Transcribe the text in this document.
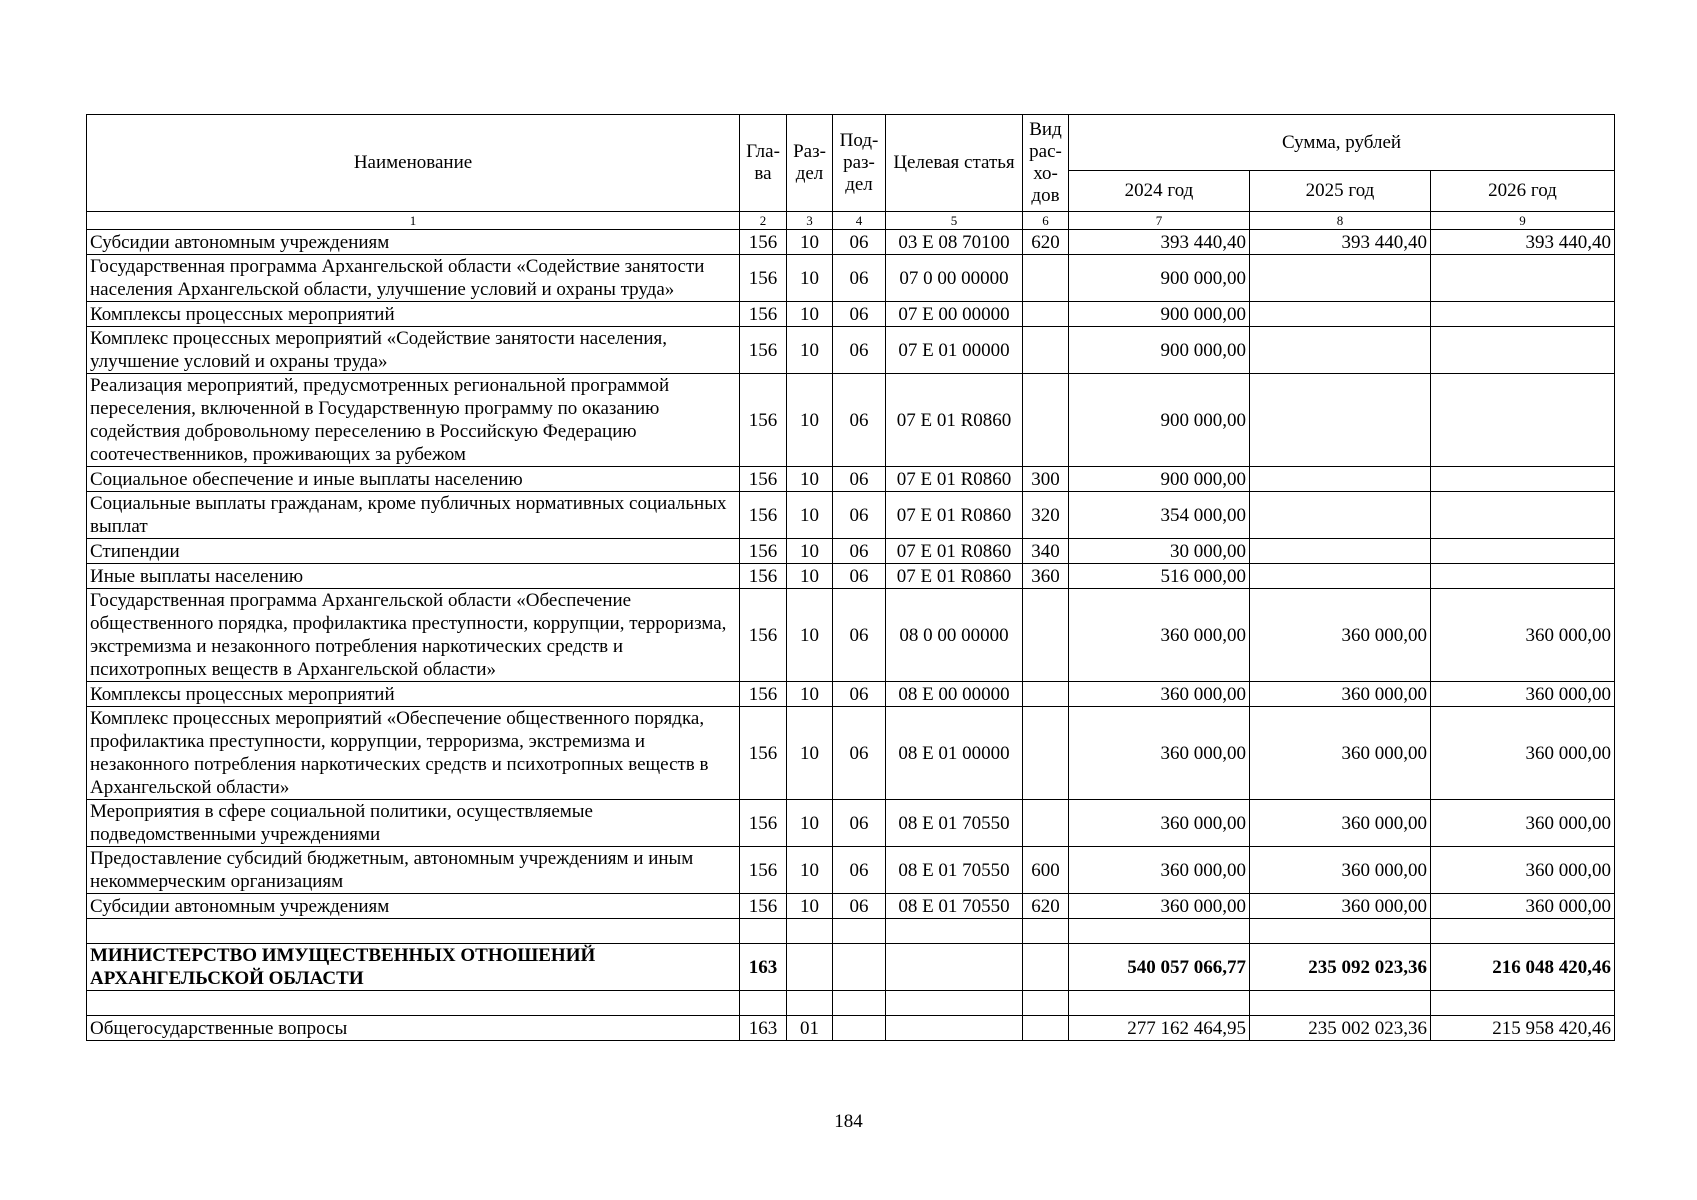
Наименование	Гла-ва	Раз-дел	Под-раз-дел	Целевая статья	Вид рас-хо-дов	Сумма, рублей		
						2024 год	2025 год	2026 год
1	2	3	4	5	6	7	8	9
Субсидии автономным учреждениям	156	10	06	03 Е 08 70100	620	393 440,40	393 440,40	393 440,40
Государственная программа Архангельской области «Содействие занятости населения Архангельской области, улучшение условий и охраны труда»	156	10	06	07 0 00 00000		900 000,00		
Комплексы процессных мероприятий	156	10	06	07 Е 00 00000		900 000,00		
Комплекс процессных мероприятий «Содействие занятости населения, улучшение условий и охраны труда»	156	10	06	07 Е 01 00000		900 000,00		
Реализация мероприятий, предусмотренных региональной программой переселения, включенной в Государственную программу по оказанию содействия добровольному переселению в Российскую Федерацию соотечественников, проживающих за рубежом	156	10	06	07 Е 01 R0860		900 000,00		
Социальное обеспечение и иные выплаты населению	156	10	06	07 Е 01 R0860	300	900 000,00		
Социальные выплаты гражданам, кроме публичных нормативных социальных выплат	156	10	06	07 Е 01 R0860	320	354 000,00		
Стипендии	156	10	06	07 Е 01 R0860	340	30 000,00		
Иные выплаты населению	156	10	06	07 Е 01 R0860	360	516 000,00		
Государственная программа Архангельской области «Обеспечение общественного порядка, профилактика преступности, коррупции, терроризма, экстремизма и незаконного потребления наркотических средств и психотропных веществ в Архангельской области»	156	10	06	08 0 00 00000		360 000,00	360 000,00	360 000,00
Комплексы процессных мероприятий	156	10	06	08 Е 00 00000		360 000,00	360 000,00	360 000,00
Комплекс процессных мероприятий «Обеспечение общественного порядка, профилактика преступности, коррупции, терроризма, экстремизма и незаконного потребления наркотических средств и психотропных веществ в Архангельской области»	156	10	06	08 Е 01 00000		360 000,00	360 000,00	360 000,00
Мероприятия в сфере социальной политики, осуществляемые подведомственными учреждениями	156	10	06	08 Е 01 70550		360 000,00	360 000,00	360 000,00
Предоставление субсидий бюджетным, автономным учреждениям и иным некоммерческим организациям	156	10	06	08 Е 01 70550	600	360 000,00	360 000,00	360 000,00
Субсидии автономным учреждениям	156	10	06	08 Е 01 70550	620	360 000,00	360 000,00	360 000,00

МИНИСТЕРСТВО ИМУЩЕСТВЕННЫХ ОТНОШЕНИЙ АРХАНГЕЛЬСКОЙ ОБЛАСТИ	163					540 057 066,77	235 092 023,36	216 048 420,46

Общегосударственные вопросы	163	01				277 162 464,95	235 002 023,36	215 958 420,46
184
